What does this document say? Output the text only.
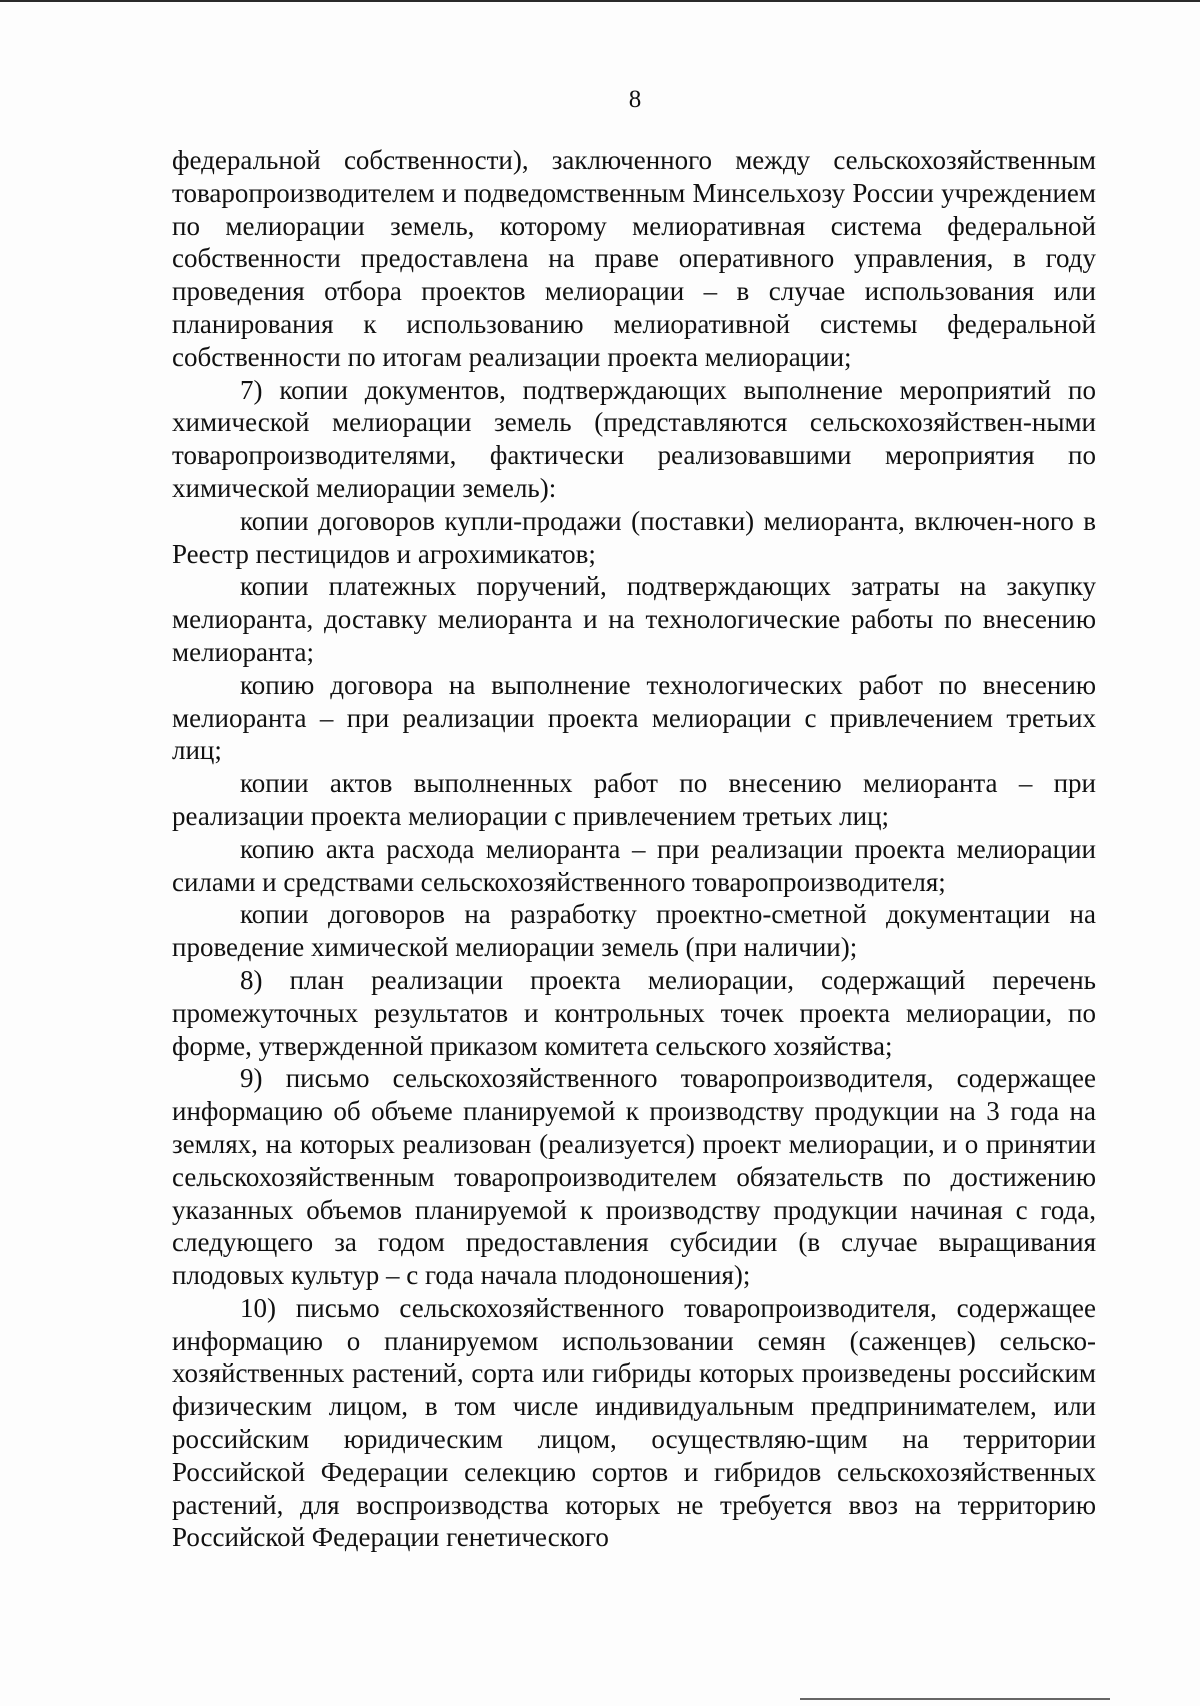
8

федеральной собственности), заключенного между сельскохозяйственным товаропроизводителем и подведомственным Минсельхозу России учреждением по мелиорации земель, которому мелиоративная система федеральной собственности предоставлена на праве оперативного управления, в году проведения отбора проектов мелиорации – в случае использования или планирования к использованию мелиоративной системы федеральной собственности по итогам реализации проекта мелиорации;

7) копии документов, подтверждающих выполнение мероприятий по химической мелиорации земель (представляются сельскохозяйствен-ными товаропроизводителями, фактически реализовавшими мероприятия по химической мелиорации земель):

копии договоров купли-продажи (поставки) мелиоранта, включен-ного в Реестр пестицидов и агрохимикатов;

копии платежных поручений, подтверждающих затраты на закупку мелиоранта, доставку мелиоранта и на технологические работы по внесению мелиоранта;

копию договора на выполнение технологических работ по внесению мелиоранта – при реализации проекта мелиорации с привлечением третьих лиц;

копии актов выполненных работ по внесению мелиоранта – при реализации проекта мелиорации с привлечением третьих лиц;

копию акта расхода мелиоранта – при реализации проекта мелиорации силами и средствами сельскохозяйственного товаропроизводителя;

копии договоров на разработку проектно-сметной документации на проведение химической мелиорации земель (при наличии);

8) план реализации проекта мелиорации, содержащий перечень промежуточных результатов и контрольных точек проекта мелиорации, по форме, утвержденной приказом комитета сельского хозяйства;

9) письмо сельскохозяйственного товаропроизводителя, содержащее информацию об объеме планируемой к производству продукции на 3 года на землях, на которых реализован (реализуется) проект мелиорации, и о принятии сельскохозяйственным товаропроизводителем обязательств по достижению указанных объемов планируемой к производству продукции начиная с года, следующего за годом предоставления субсидии (в случае выращивания плодовых культур – с года начала плодоношения);

10) письмо сельскохозяйственного товаропроизводителя, содержащее информацию о планируемом использовании семян (саженцев) сельско-хозяйственных растений, сорта или гибриды которых произведены российским физическим лицом, в том числе индивидуальным предпринимателем, или российским юридическим лицом, осуществляю-щим на территории Российской Федерации селекцию сортов и гибридов сельскохозяйственных растений, для воспроизводства которых не требуется ввоз на территорию Российской Федерации генетического
